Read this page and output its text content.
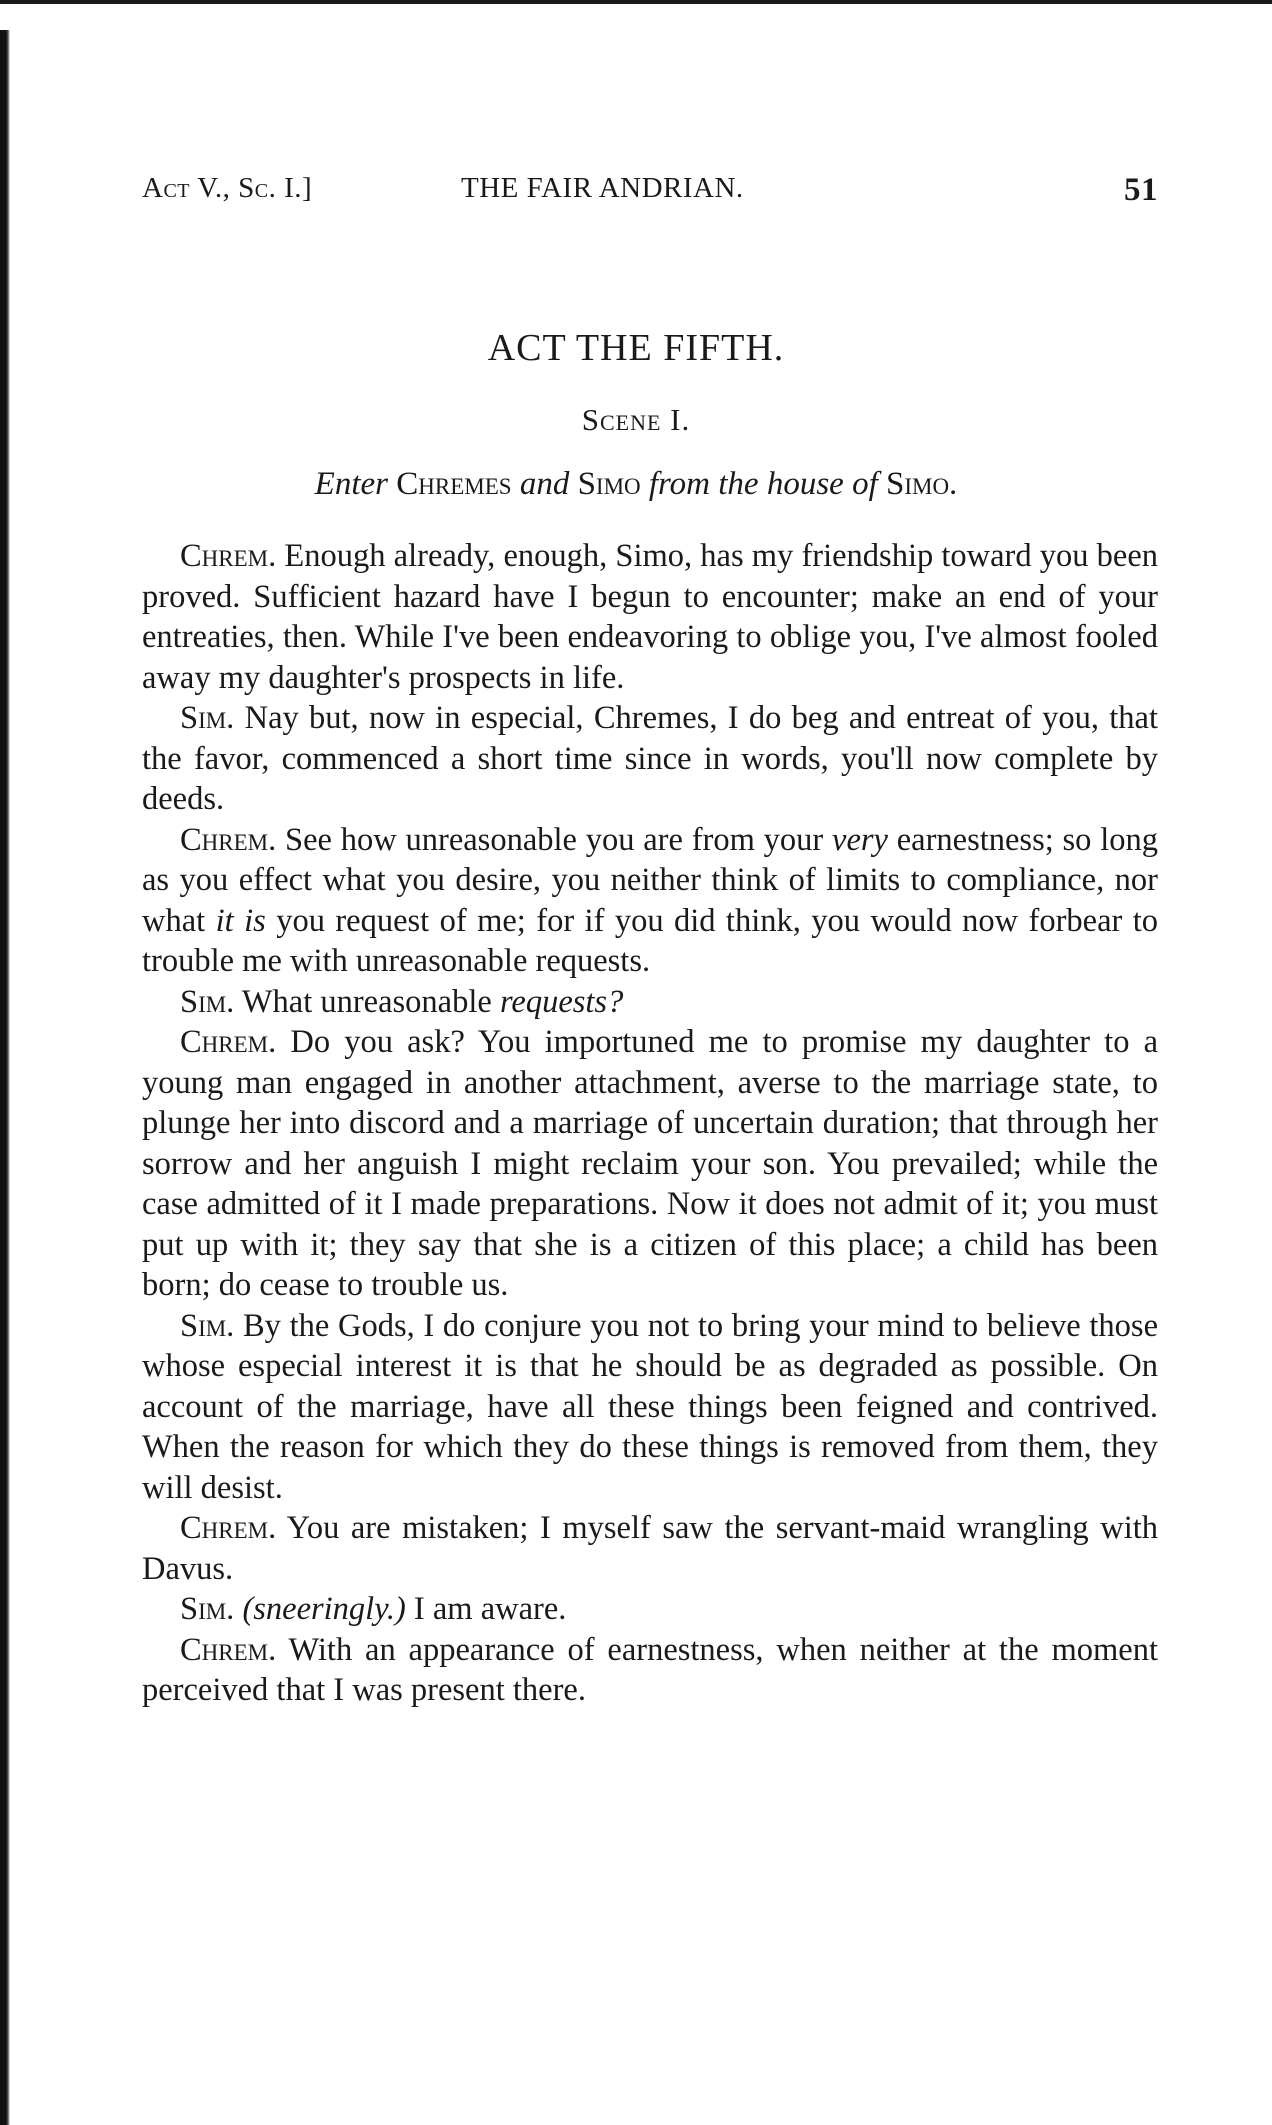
Act V., Sc. I.]	THE FAIR ANDRIAN.	51
ACT THE FIFTH.
Scene I.
Enter Chremes and Simo from the house of Simo.

Chrem. Enough already, enough, Simo, has my friendship toward you been proved. Sufficient hazard have I begun to encounter; make an end of your entreaties, then. While I've been endeavoring to oblige you, I've almost fooled away my daughter's prospects in life.

Sim. Nay but, now in especial, Chremes, I do beg and entreat of you, that the favor, commenced a short time since in words, you'll now complete by deeds.

Chrem. See how unreasonable you are from your very earnestness; so long as you effect what you desire, you neither think of limits to compliance, nor what it is you request of me; for if you did think, you would now forbear to trouble me with unreasonable requests.

Sim. What unreasonable requests?

Chrem. Do you ask? You importuned me to promise my daughter to a young man engaged in another attachment, averse to the marriage state, to plunge her into discord and a marriage of uncertain duration; that through her sorrow and her anguish I might reclaim your son. You prevailed; while the case admitted of it I made preparations. Now it does not admit of it; you must put up with it; they say that she is a citizen of this place; a child has been born; do cease to trouble us.

Sim. By the Gods, I do conjure you not to bring your mind to believe those whose especial interest it is that he should be as degraded as possible. On account of the marriage, have all these things been feigned and contrived. When the reason for which they do these things is removed from them, they will desist.

Chrem. You are mistaken; I myself saw the servant-maid wrangling with Davus.

Sim. (sneeringly.) I am aware.

Chrem. With an appearance of earnestness, when neither at the moment perceived that I was present there.
